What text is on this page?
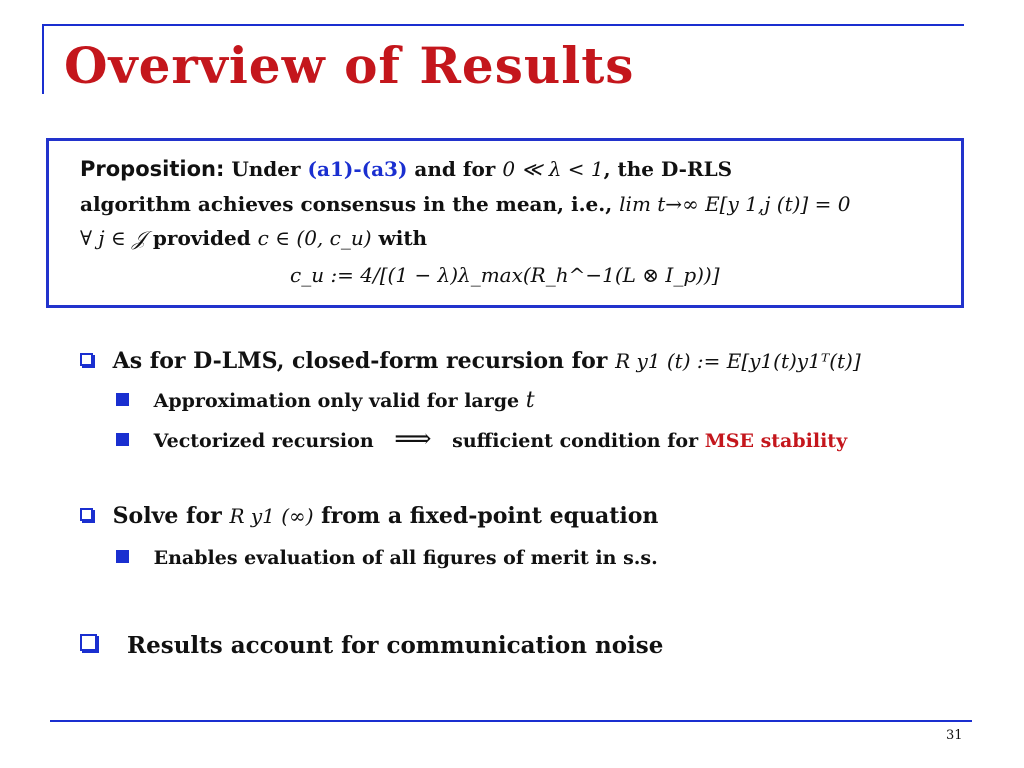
Overview of Results
Proposition: Under (a1)-(a3) and for 0 ≪ λ < 1, the D-RLS
algorithm achieves consensus in the mean, i.e., lim t→∞ E[y 1,j (t)] = 0
∀ j ∈ 𝒥 provided c ∈ (0, c_u) with
c_u := 4/[(1 − λ)λ_max(R_h^−1(L ⊗ I_p))]
As for D-LMS, closed-form recursion for R y1 (t) := E[y1(t)y1ᵀ(t)]
Approximation only valid for large t
Vectorized recursion ⟹ sufficient condition for MSE stability
Solve for R y1 (∞) from a fixed-point equation
Enables evaluation of all figures of merit in s.s.
Results account for communication noise
31
